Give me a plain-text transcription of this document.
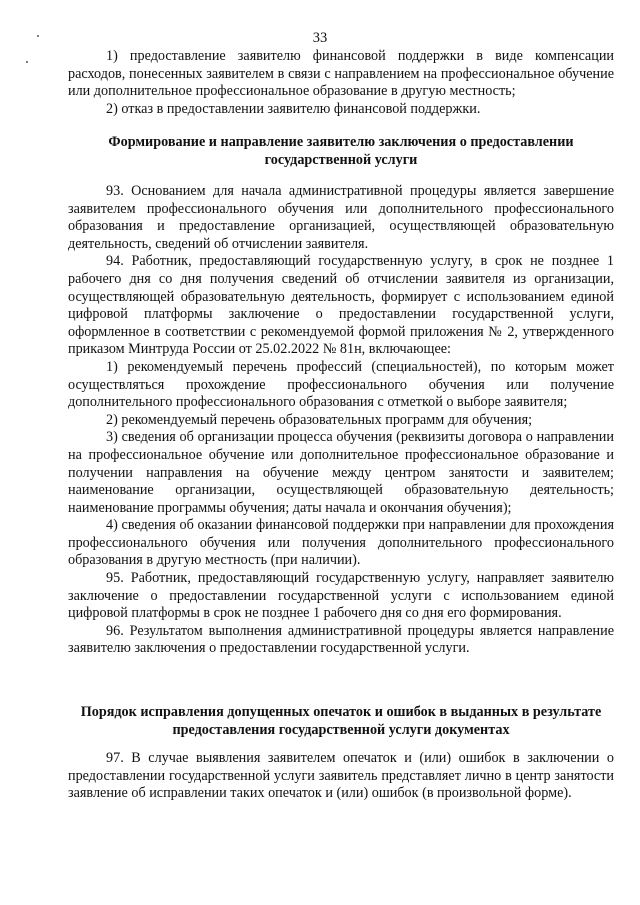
33

1) предоставление заявителю финансовой поддержки в виде компенсации расходов, понесенных заявителем в связи с направлением на профессиональное обучение или дополнительное профессиональное образование в другую местность;

2) отказ в предоставлении заявителю финансовой поддержки.

Формирование и направление заявителю заключения о предоставлении государственной услуги

93. Основанием для начала административной процедуры является завершение заявителем профессионального обучения или дополнительного профессионального образования и предоставление организацией, осуществляющей образовательную деятельность, сведений об отчислении заявителя.

94. Работник, предоставляющий государственную услугу, в срок не позднее 1 рабочего дня со дня получения сведений об отчислении заявителя из организации, осуществляющей образовательную деятельность, формирует с использованием единой цифровой платформы заключение о предоставлении государственной услуги, оформленное в соответствии с рекомендуемой формой приложения № 2, утвержденного приказом Минтруда России от 25.02.2022 № 81н, включающее:

1) рекомендуемый перечень профессий (специальностей), по которым может осуществляться прохождение профессионального обучения или получение дополнительного профессионального образования с отметкой о выборе заявителя;

2) рекомендуемый перечень образовательных программ для обучения;

3) сведения об организации процесса обучения (реквизиты договора о направлении на профессиональное обучение или дополнительное профессиональное образование и получении направления на обучение между центром занятости и заявителем; наименование организации, осуществляющей образовательную деятельность; наименование программы обучения; даты начала и окончания обучения);

4) сведения об оказании финансовой поддержки при направлении для прохождения профессионального обучения или получения дополнительного профессионального образования в другую местность (при наличии).

95. Работник, предоставляющий государственную услугу, направляет заявителю заключение о предоставлении государственной услуги с использованием единой цифровой платформы в срок не позднее 1 рабочего дня со дня его формирования.

96. Результатом выполнения административной процедуры является направление заявителю заключения о предоставлении государственной услуги.

Порядок исправления допущенных опечаток и ошибок в выданных в результате предоставления государственной услуги документах

97. В случае выявления заявителем опечаток и (или) ошибок в заключении о предоставлении государственной услуги заявитель представляет лично в центр занятости заявление об исправлении таких опечаток и (или) ошибок (в произвольной форме).
